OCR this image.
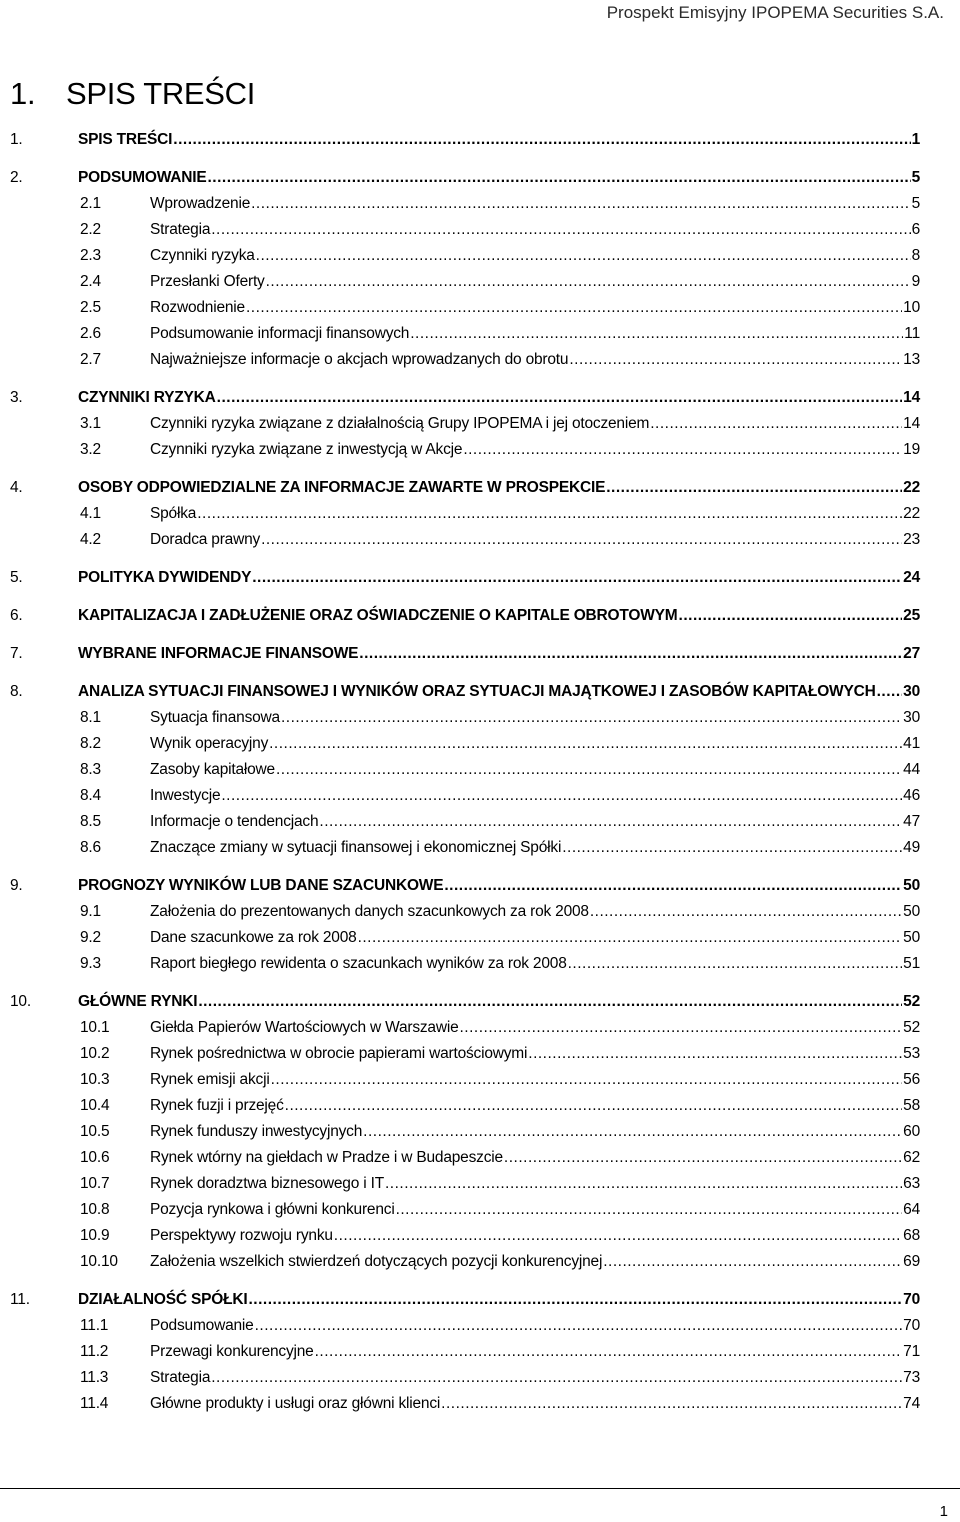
Prospekt Emisyjny IPOPEMA Securities S.A.
1. SPIS TREŚCI
1.	SPIS TREŚCI .....	1
2.	PODSUMOWANIE .....	5
2.1	Wprowadzenie .....	5
2.2	Strategia .....	6
2.3	Czynniki ryzyka .....	8
2.4	Przesłanki Oferty .....	9
2.5	Rozwodnienie .....	10
2.6	Podsumowanie informacji finansowych .....	11
2.7	Najważniejsze informacje o akcjach wprowadzanych do obrotu .....	13
3.	CZYNNIKI RYZYKA .....	14
3.1	Czynniki ryzyka związane z działalnością Grupy IPOPEMA i jej otoczeniem .....	14
3.2	Czynniki ryzyka związane z inwestycją w Akcje .....	19
4.	OSOBY ODPOWIEDZIALNE ZA INFORMACJE ZAWARTE W PROSPEKCIE .....	22
4.1	Spółka .....	22
4.2	Doradca prawny .....	23
5.	POLITYKA DYWIDENDY .....	24
6.	KAPITALIZACJA I ZADŁUŻENIE ORAZ OŚWIADCZENIE O KAPITALE OBROTOWYM .....	25
7.	WYBRANE INFORMACJE FINANSOWE .....	27
8.	ANALIZA SYTUACJI FINANSOWEJ I WYNIKÓW ORAZ SYTUACJI MAJĄTKOWEJ I ZASOBÓW KAPITAŁOWYCH ..... 30
8.1	Sytuacja finansowa .....	30
8.2	Wynik operacyjny .....	41
8.3	Zasoby kapitałowe .....	44
8.4	Inwestycje .....	46
8.5	Informacje o tendencjach .....	47
8.6	Znaczące zmiany w sytuacji finansowej i ekonomicznej Spółki .....	49
9.	PROGNOZY WYNIKÓW LUB DANE SZACUNKOWE .....	50
9.1	Założenia do prezentowanych danych szacunkowych za rok 2008 .....	50
9.2	Dane szacunkowe za rok 2008 .....	50
9.3	Raport biegłego rewidenta o szacunkach wyników za rok 2008 .....	51
10.	GŁÓWNE RYNKI .....	52
10.1	Giełda Papierów Wartościowych w Warszawie .....	52
10.2	Rynek pośrednictwa w obrocie papierami wartościowymi .....	53
10.3	Rynek emisji akcji .....	56
10.4	Rynek fuzji i przejęć .....	58
10.5	Rynek funduszy inwestycyjnych .....	60
10.6	Rynek wtórny na giełdach w Pradze i w Budapeszcie .....	62
10.7	Rynek doradztwa biznesowego i IT .....	63
10.8	Pozycja rynkowa i główni konkurenci .....	64
10.9	Perspektywy rozwoju rynku .....	68
10.10 Założenia wszelkich stwierdzeń dotyczących pozycji konkurencyjnej .....	69
11.	DZIAŁALNOŚĆ SPÓŁKI .....	70
11.1	Podsumowanie .....	70
11.2	Przewagi konkurencyjne .....	71
11.3	Strategia .....	73
11.4	Główne produkty i usługi oraz główni klienci .....	74
1
